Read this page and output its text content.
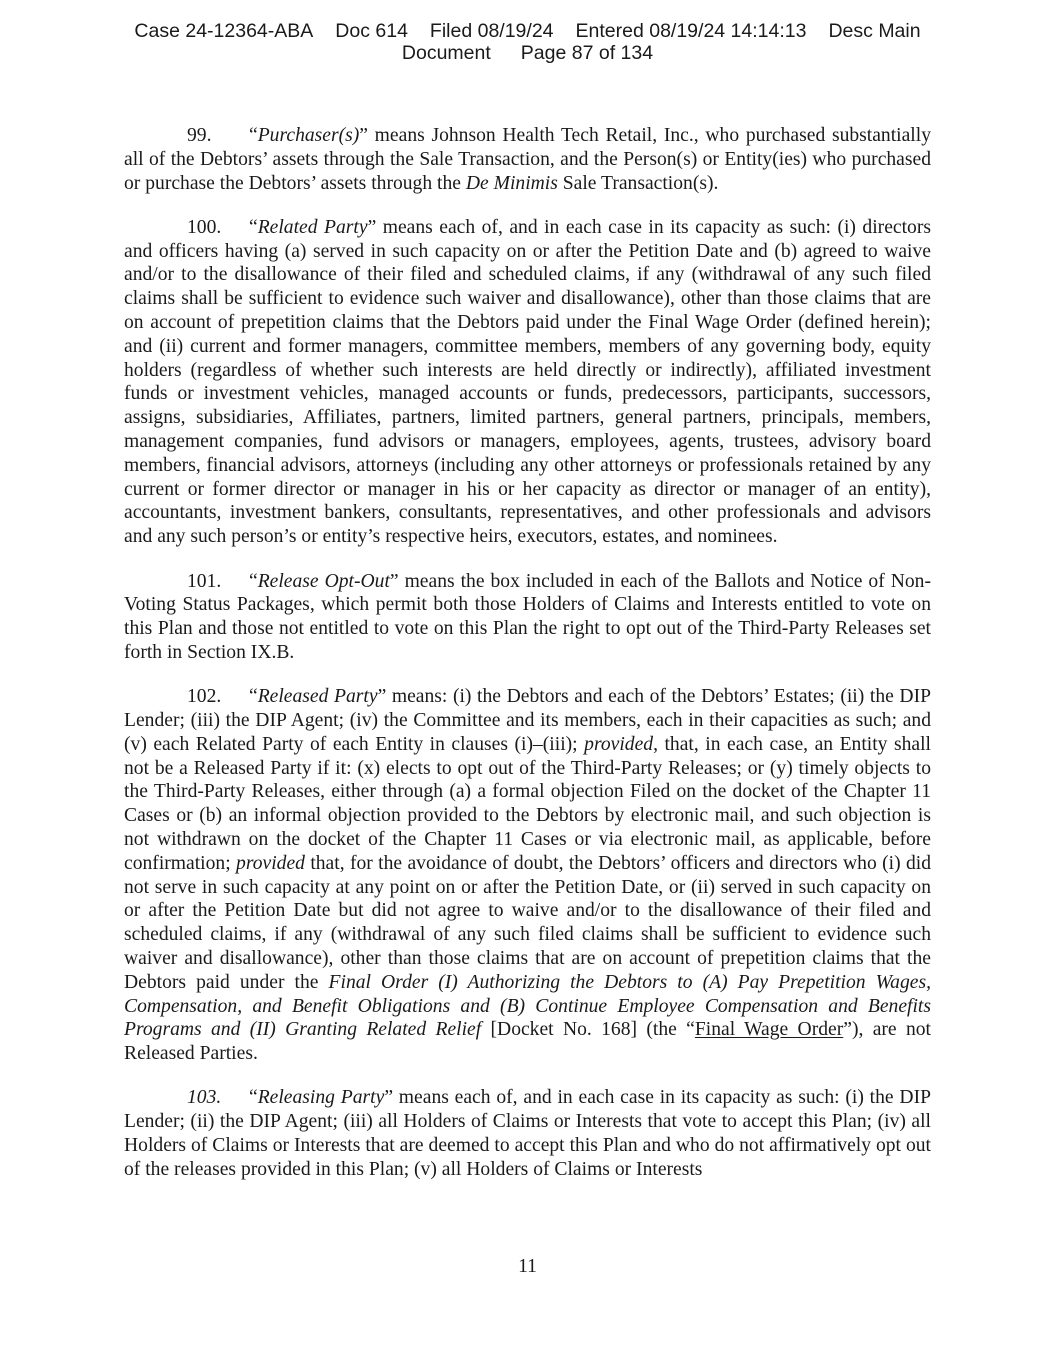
Case 24-12364-ABA Doc 614 Filed 08/19/24 Entered 08/19/24 14:14:13 Desc Main
Document Page 87 of 134

99. “Purchaser(s)” means Johnson Health Tech Retail, Inc., who purchased substantially all of the Debtors’ assets through the Sale Transaction, and the Person(s) or Entity(ies) who purchased or purchase the Debtors’ assets through the De Minimis Sale Transaction(s).

100. “Related Party” means each of, and in each case in its capacity as such: (i) directors and officers having (a) served in such capacity on or after the Petition Date and (b) agreed to waive and/or to the disallowance of their filed and scheduled claims, if any (withdrawal of any such filed claims shall be sufficient to evidence such waiver and disallowance), other than those claims that are on account of prepetition claims that the Debtors paid under the Final Wage Order (defined herein); and (ii) current and former managers, committee members, members of any governing body, equity holders (regardless of whether such interests are held directly or indirectly), affiliated investment funds or investment vehicles, managed accounts or funds, predecessors, participants, successors, assigns, subsidiaries, Affiliates, partners, limited partners, general partners, principals, members, management companies, fund advisors or managers, employees, agents, trustees, advisory board members, financial advisors, attorneys (including any other attorneys or professionals retained by any current or former director or manager in his or her capacity as director or manager of an entity), accountants, investment bankers, consultants, representatives, and other professionals and advisors and any such person’s or entity’s respective heirs, executors, estates, and nominees.

101. “Release Opt-Out” means the box included in each of the Ballots and Notice of Non-Voting Status Packages, which permit both those Holders of Claims and Interests entitled to vote on this Plan and those not entitled to vote on this Plan the right to opt out of the Third-Party Releases set forth in Section IX.B.

102. “Released Party” means: (i) the Debtors and each of the Debtors’ Estates; (ii) the DIP Lender; (iii) the DIP Agent; (iv) the Committee and its members, each in their capacities as such; and (v) each Related Party of each Entity in clauses (i)–(iii); provided, that, in each case, an Entity shall not be a Released Party if it: (x) elects to opt out of the Third-Party Releases; or (y) timely objects to the Third-Party Releases, either through (a) a formal objection Filed on the docket of the Chapter 11 Cases or (b) an informal objection provided to the Debtors by electronic mail, and such objection is not withdrawn on the docket of the Chapter 11 Cases or via electronic mail, as applicable, before confirmation; provided that, for the avoidance of doubt, the Debtors’ officers and directors who (i) did not serve in such capacity at any point on or after the Petition Date, or (ii) served in such capacity on or after the Petition Date but did not agree to waive and/or to the disallowance of their filed and scheduled claims, if any (withdrawal of any such filed claims shall be sufficient to evidence such waiver and disallowance), other than those claims that are on account of prepetition claims that the Debtors paid under the Final Order (I) Authorizing the Debtors to (A) Pay Prepetition Wages, Compensation, and Benefit Obligations and (B) Continue Employee Compensation and Benefits Programs and (II) Granting Related Relief [Docket No. 168] (the “Final Wage Order”), are not Released Parties.

103. “Releasing Party” means each of, and in each case in its capacity as such: (i) the DIP Lender; (ii) the DIP Agent; (iii) all Holders of Claims or Interests that vote to accept this Plan; (iv) all Holders of Claims or Interests that are deemed to accept this Plan and who do not affirmatively opt out of the releases provided in this Plan; (v) all Holders of Claims or Interests

11
